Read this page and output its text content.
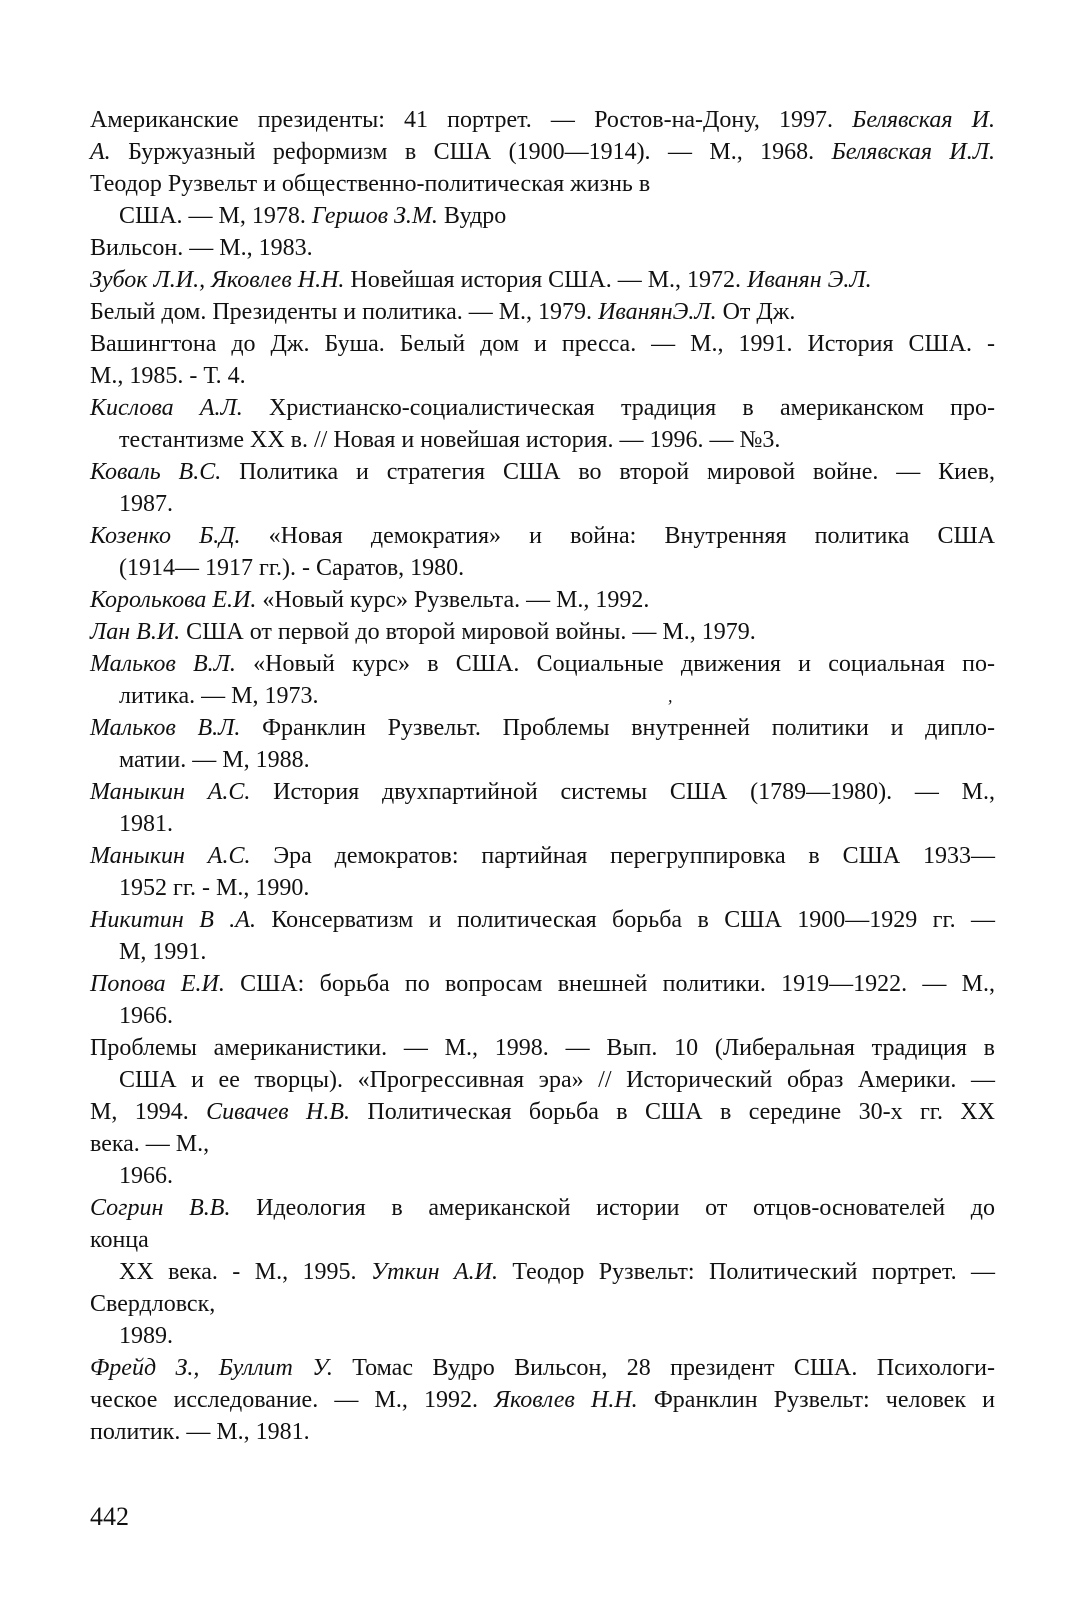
Американские президенты: 41 портрет. — Ростов-на-Дону, 1997. Белявская И.
А. Буржуазный реформизм в США (1900—1914). — М., 1968. Белявская И.Л.
Теодор Рузвельт и общественно-политическая жизнь в
США. — М, 1978. Гершов З.М. Вудро
Вильсон. — М., 1983.
Зубок Л.И., Яковлев Н.Н. Новейшая история США. — М., 1972. Иванян Э.Л.
Белый дом. Президенты и политика. — М., 1979. ИванянЭ.Л. От Дж.
Вашингтона до Дж. Буша. Белый дом и пресса. — М., 1991. История США. -
М., 1985. - Т. 4.
Кислова А.Л. Христианско-социалистическая традиция в американском про-
тестантизме XX в. // Новая и новейшая история. — 1996. — №3.
Коваль В.С. Политика и стратегия США во второй мировой войне. — Киев,
1987.
Козенко Б.Д. «Новая демократия» и война: Внутренняя политика США
(1914— 1917 гг.). - Саратов, 1980.
Королькова Е.И. «Новый курс» Рузвельта. — М., 1992.
Лан В.И. США от первой до второй мировой войны. — М., 1979.
Мальков В.Л. «Новый курс» в США. Социальные движения и социальная по-
литика. — М, 1973.
Мальков В.Л. Франклин Рузвельт. Проблемы внутренней политики и дипло-
матии. — М, 1988.
Маныкин А.С. История двухпартийной системы США (1789—1980). — М.,
1981.
Маныкин А.С. Эра демократов: партийная перегруппировка в США 1933—
1952 гг. - М., 1990.
Никитин В .А. Консерватизм и политическая борьба в США 1900—1929 гг. —
М, 1991.
Попова Е.И. США: борьба по вопросам внешней политики. 1919—1922. — М.,
1966.
Проблемы американистики. — М., 1998. — Вып. 10 (Либеральная традиция в
США и ее творцы). «Прогрессивная эра» // Исторический образ Америки. —
М, 1994. Сивачев Н.В. Политическая борьба в США в середине 30-х гг. XX
века. — М.,
1966.
Согрин В.В. Идеология в американской истории от отцов-основателей до
конца
XX века. - М., 1995. Уткин А.И. Теодор Рузвельт: Политический портрет. —
Свердловск,
1989.
Фрейд З., Буллит У. Томас Вудро Вильсон, 28 президент США. Психологи-
ческое исследование. — М., 1992. Яковлев Н.Н. Франклин Рузвельт: человек и
политик. — М., 1981.
,
442
